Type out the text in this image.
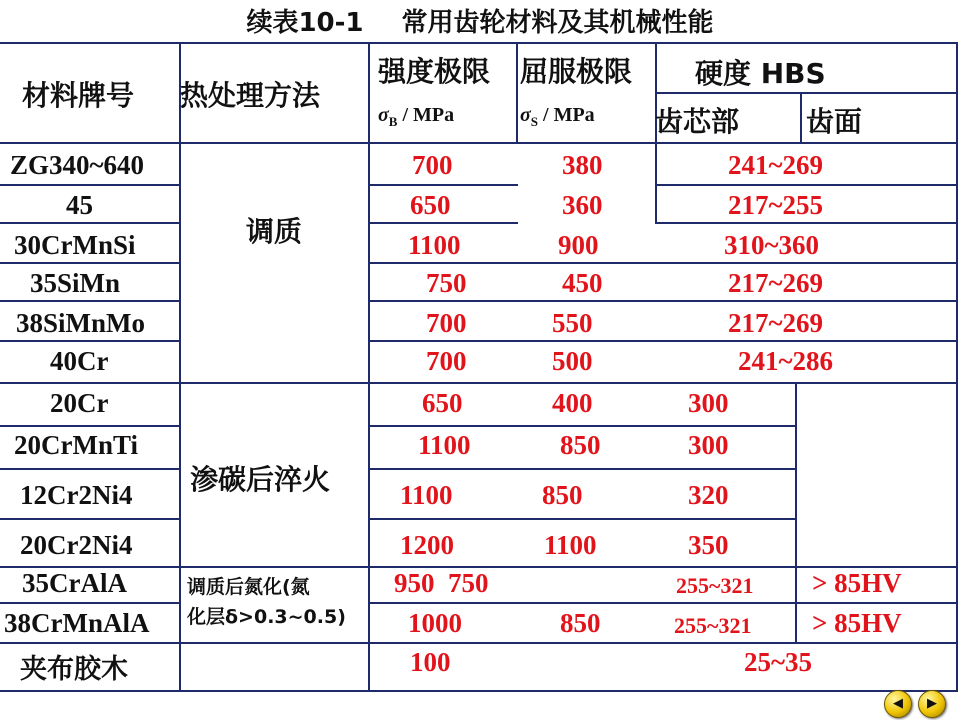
续表10-1 常用齿轮材料及其机械性能
材料牌号 热处理方法
强度极限
$\sigma_B$ / MPa
屈服极限
$\sigma_S$ / MPa
硬度 HBS
齿芯部 齿面
调质
渗碳后淬火
调质后氮化(氮
化层δ>0.3~0.5)
ZG340~640
45
30CrMnSi
35SiMn
38SiMnMo
40Cr
20Cr
20CrMnTi
12Cr2Ni4
20Cr2Ni4
35CrAlA
38CrMnAlA
夹布胶木
700
650
1100
750
700
700
650
1100
1100
1200
950  750
1000
100
380
360
900
450
550
500
400
850
850
1100
850
241~269
217~255
310~360
217~269
217~269
241~286
25~35
300
300
320
350
255~321
255~321
> 85HV
> 85HV
◀	▶
